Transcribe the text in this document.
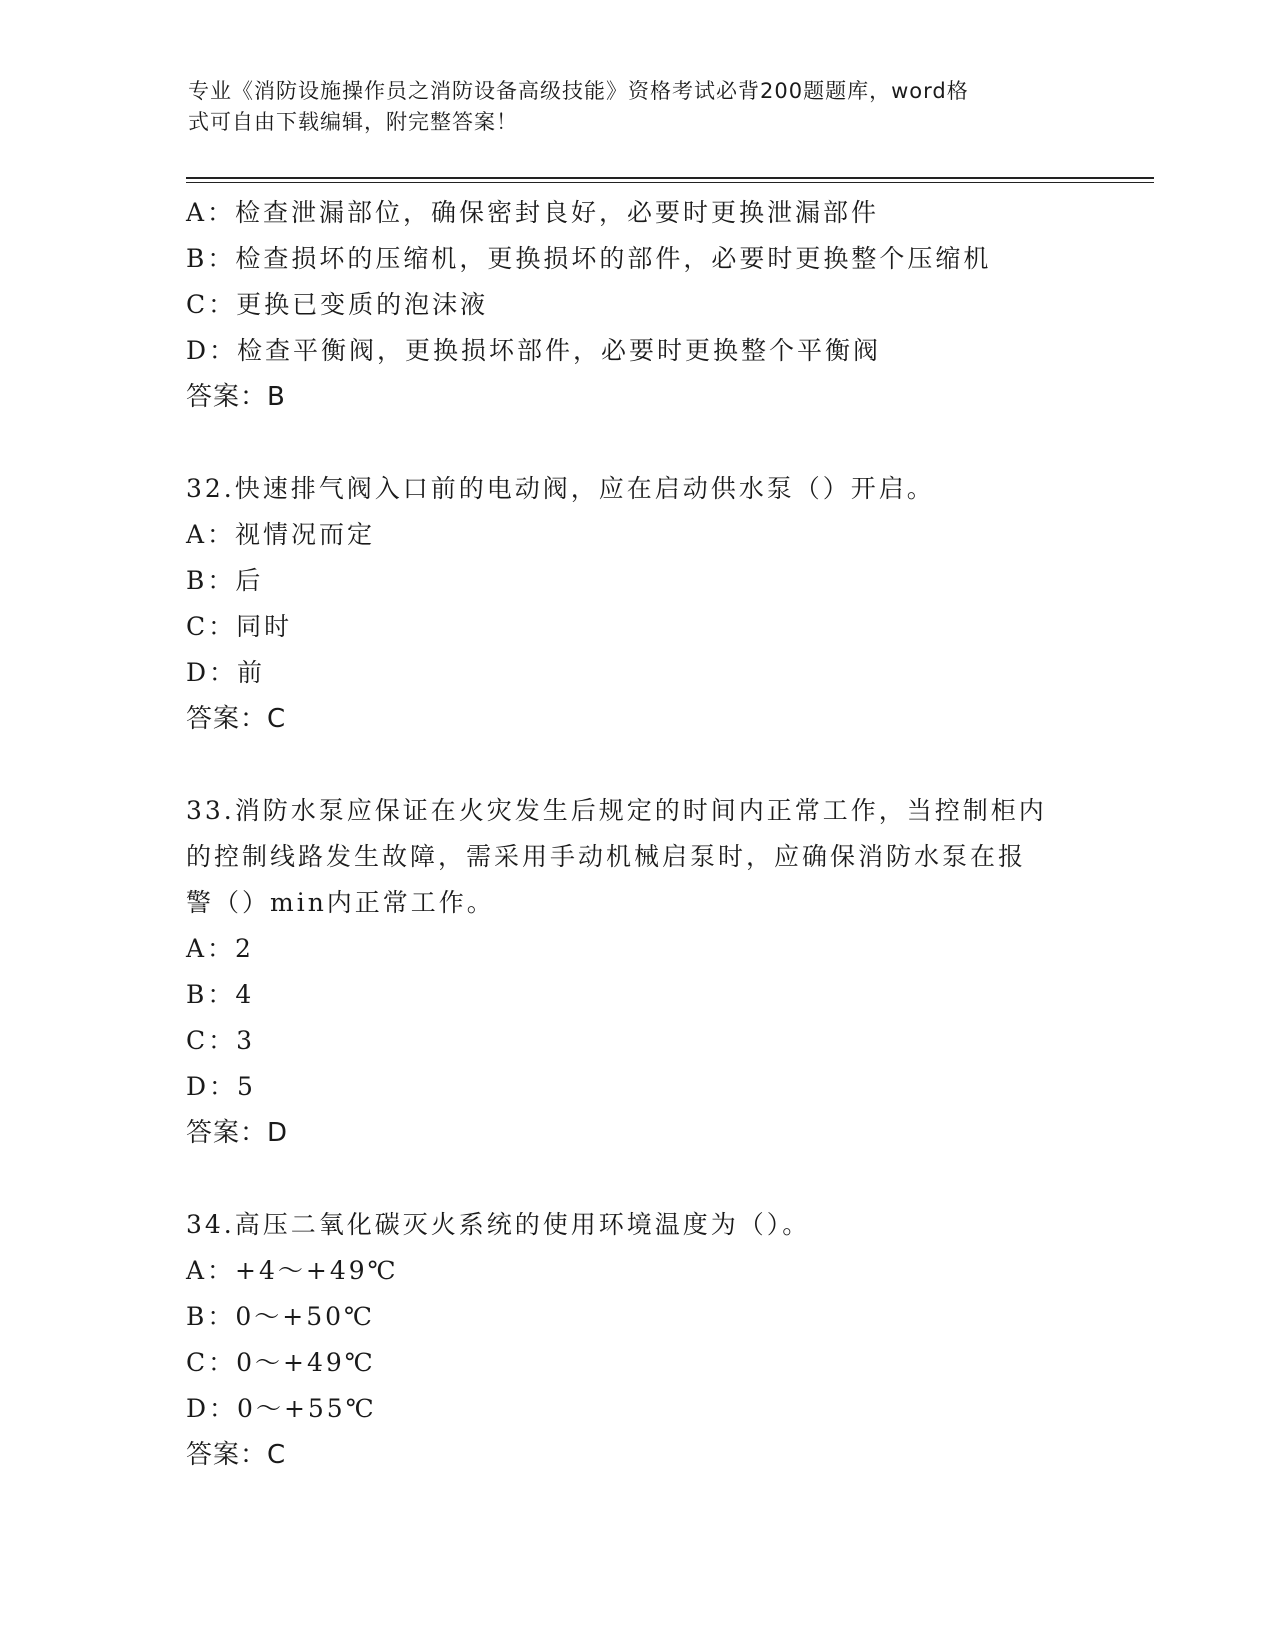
专业《消防设施操作员之消防设备高级技能》资格考试必背200题题库，word格
式可自由下载编辑，附完整答案！

A：检查泄漏部位，确保密封良好，必要时更换泄漏部件

B：检查损坏的压缩机，更换损坏的部件，必要时更换整个压缩机

C：更换已变质的泡沫液

D：检查平衡阀，更换损坏部件，必要时更换整个平衡阀

答案：B

32.快速排气阀入口前的电动阀，应在启动供水泵（）开启。

A：视情况而定

B：后

C：同时

D：前

答案：C

33.消防水泵应保证在火灾发生后规定的时间内正常工作，当控制柜内

的控制线路发生故障，需采用手动机械启泵时，应确保消防水泵在报

警（）min内正常工作。

A：2

B：4

C：3

D：5

答案：D

34.高压二氧化碳灭火系统的使用环境温度为（）。

A：+4～+49℃

B：0～+50℃

C：0～+49℃

D：0～+55℃

答案：C
